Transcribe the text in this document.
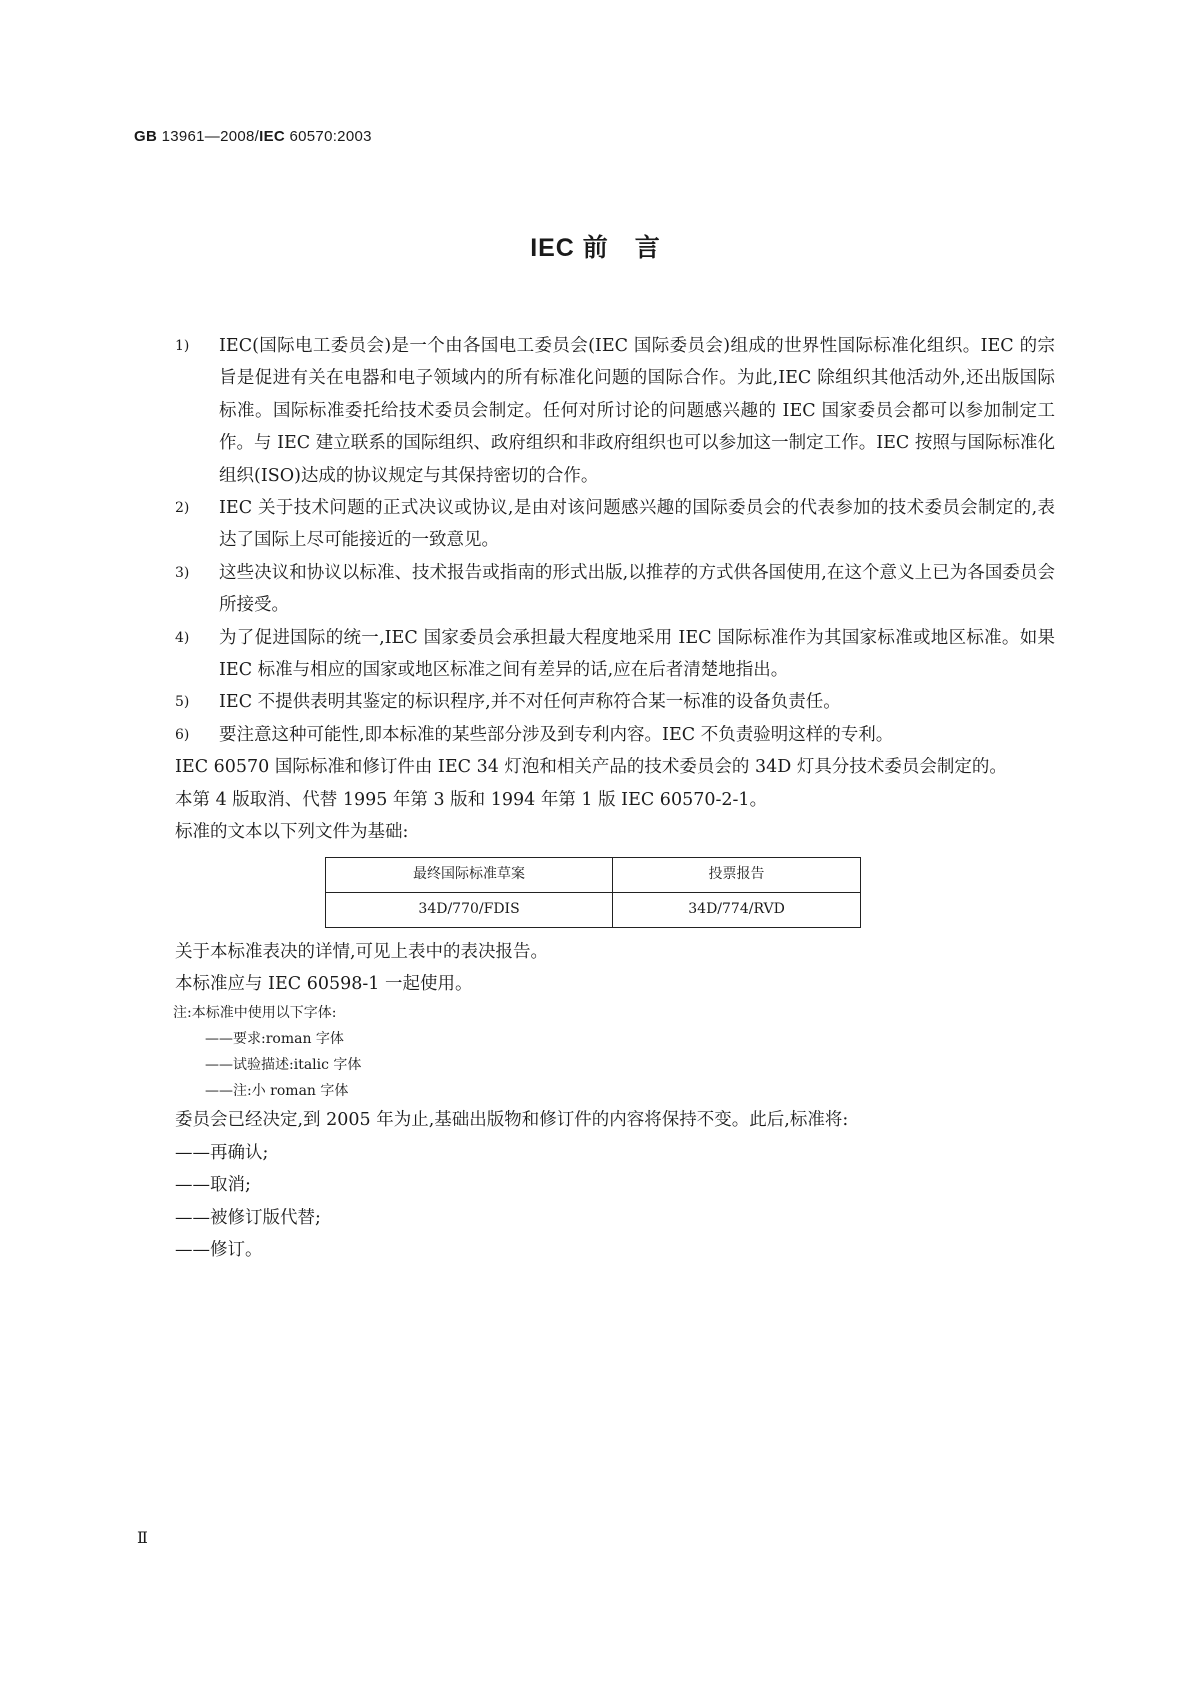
GB 13961—2008/IEC 60570:2003
IEC 前　言
1) IEC(国际电工委员会)是一个由各国电工委员会(IEC 国际委员会)组成的世界性国际标准化组织。IEC 的宗旨是促进有关在电器和电子领域内的所有标准化问题的国际合作。为此,IEC 除组织其他活动外,还出版国际标准。国际标准委托给技术委员会制定。任何对所讨论的问题感兴趣的 IEC 国家委员会都可以参加制定工作。与 IEC 建立联系的国际组织、政府组织和非政府组织也可以参加这一制定工作。IEC 按照与国际标准化组织(ISO)达成的协议规定与其保持密切的合作。
2) IEC 关于技术问题的正式决议或协议,是由对该问题感兴趣的国际委员会的代表参加的技术委员会制定的,表达了国际上尽可能接近的一致意见。
3) 这些决议和协议以标准、技术报告或指南的形式出版,以推荐的方式供各国使用,在这个意义上已为各国委员会所接受。
4) 为了促进国际的统一,IEC 国家委员会承担最大程度地采用 IEC 国际标准作为其国家标准或地区标准。如果 IEC 标准与相应的国家或地区标准之间有差异的话,应在后者清楚地指出。
5) IEC 不提供表明其鉴定的标识程序,并不对任何声称符合某一标准的设备负责任。
6) 要注意这种可能性,即本标准的某些部分涉及到专利内容。IEC 不负责验明这样的专利。
IEC 60570 国际标准和修订件由 IEC 34 灯泡和相关产品的技术委员会的 34D 灯具分技术委员会制定的。
本第 4 版取消、代替 1995 年第 3 版和 1994 年第 1 版 IEC 60570-2-1。
标准的文本以下列文件为基础:
最终国际标准草案	投票报告
34D/770/FDIS	34D/774/RVD
关于本标准表决的详情,可见上表中的表决报告。
本标准应与 IEC 60598-1 一起使用。
注:本标准中使用以下字体:
——要求:roman 字体
——试验描述:italic 字体
——注:小 roman 字体
委员会已经决定,到 2005 年为止,基础出版物和修订件的内容将保持不变。此后,标准将:
——再确认;
——取消;
——被修订版代替;
——修订。
Ⅱ
